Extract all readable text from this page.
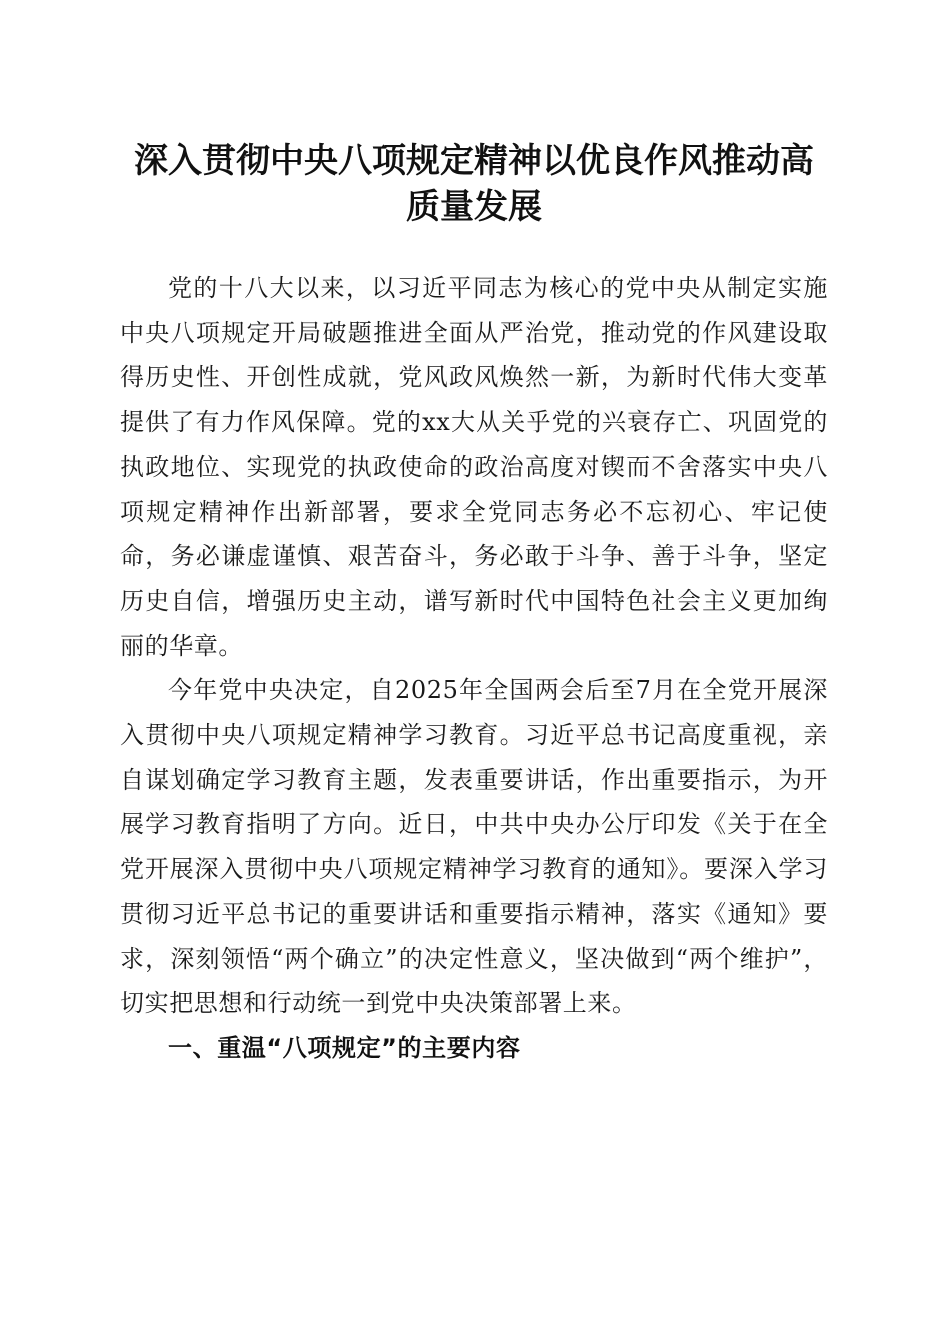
深入贯彻中央八项规定精神以优良作风推动高质量发展

党的十八大以来，以习近平同志为核心的党中央从制定实施中央八项规定开局破题推进全面从严治党，推动党的作风建设取得历史性、开创性成就，党风政风焕然一新，为新时代伟大变革提供了有力作风保障。党的xx大从关乎党的兴衰存亡、巩固党的执政地位、实现党的执政使命的政治高度对锲而不舍落实中央八项规定精神作出新部署，要求全党同志务必不忘初心、牢记使命，务必谦虚谨慎、艰苦奋斗，务必敢于斗争、善于斗争，坚定历史自信，增强历史主动，谱写新时代中国特色社会主义更加绚丽的华章。

今年党中央决定，自2025年全国两会后至7月在全党开展深入贯彻中央八项规定精神学习教育。习近平总书记高度重视，亲自谋划确定学习教育主题，发表重要讲话，作出重要指示，为开展学习教育指明了方向。近日，中共中央办公厅印发《关于在全党开展深入贯彻中央八项规定精神学习教育的通知》。要深入学习贯彻习近平总书记的重要讲话和重要指示精神，落实《通知》要求，深刻领悟“两个确立”的决定性意义，坚决做到“两个维护”，切实把思想和行动统一到党中央决策部署上来。

一、重温“八项规定”的主要内容
